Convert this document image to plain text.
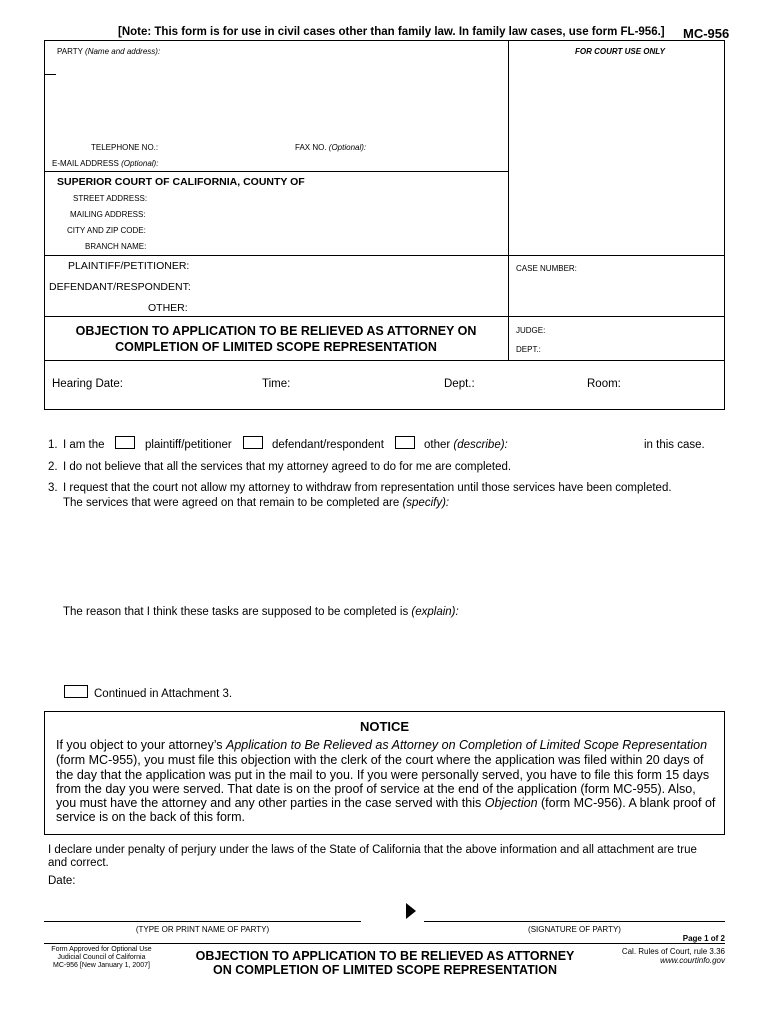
[Note: This form is for use in civil cases other than family law. In family law cases, use form FL-956.] MC-956
PARTY (Name and address):	FOR COURT USE ONLY
TELEPHONE NO.:	FAX NO. (Optional):
E-MAIL ADDRESS (Optional):
SUPERIOR COURT OF CALIFORNIA, COUNTY OF
STREET ADDRESS:
MAILING ADDRESS:
CITY AND ZIP CODE:
BRANCH NAME:
PLAINTIFF/PETITIONER:
DEFENDANT/RESPONDENT:
OTHER:
CASE NUMBER:
OBJECTION TO APPLICATION TO BE RELIEVED AS ATTORNEY ON
COMPLETION OF LIMITED SCOPE REPRESENTATION
JUDGE:
DEPT.:
Hearing Date:	Time:	Dept.:	Room:
1. I am the	plaintiff/petitioner	defendant/respondent	other (describe):	in this case.
2. I do not believe that all the services that my attorney agreed to do for me are completed.
3. I request that the court not allow my attorney to withdraw from representation until those services have been completed.
The services that were agreed on that remain to be completed are (specify):
The reason that I think these tasks are supposed to be completed is (explain):
Continued in Attachment 3.
NOTICE
If you object to your attorney’s Application to Be Relieved as Attorney on Completion of Limited Scope Representation
(form MC-955), you must file this objection with the clerk of the court where the application was filed within 20 days of
the day that the application was put in the mail to you. If you were personally served, you have to file this form 15 days
from the day you were served. That date is on the proof of service at the end of the application (form MC-955). Also,
you must have the attorney and any other parties in the case served with this Objection (form MC-956). A blank proof of
service is on the back of this form.
I declare under penalty of perjury under the laws of the State of California that the above information and all attachment are true
and correct.
Date:
(TYPE OR PRINT NAME OF PARTY)	(SIGNATURE OF PARTY)
Page 1 of 2
Form Approved for Optional Use
Judicial Council of California
MC-956 [New January 1, 2007]
OBJECTION TO APPLICATION TO BE RELIEVED AS ATTORNEY
ON COMPLETION OF LIMITED SCOPE REPRESENTATION
Cal. Rules of Court, rule 3.36
www.courtinfo.gov
